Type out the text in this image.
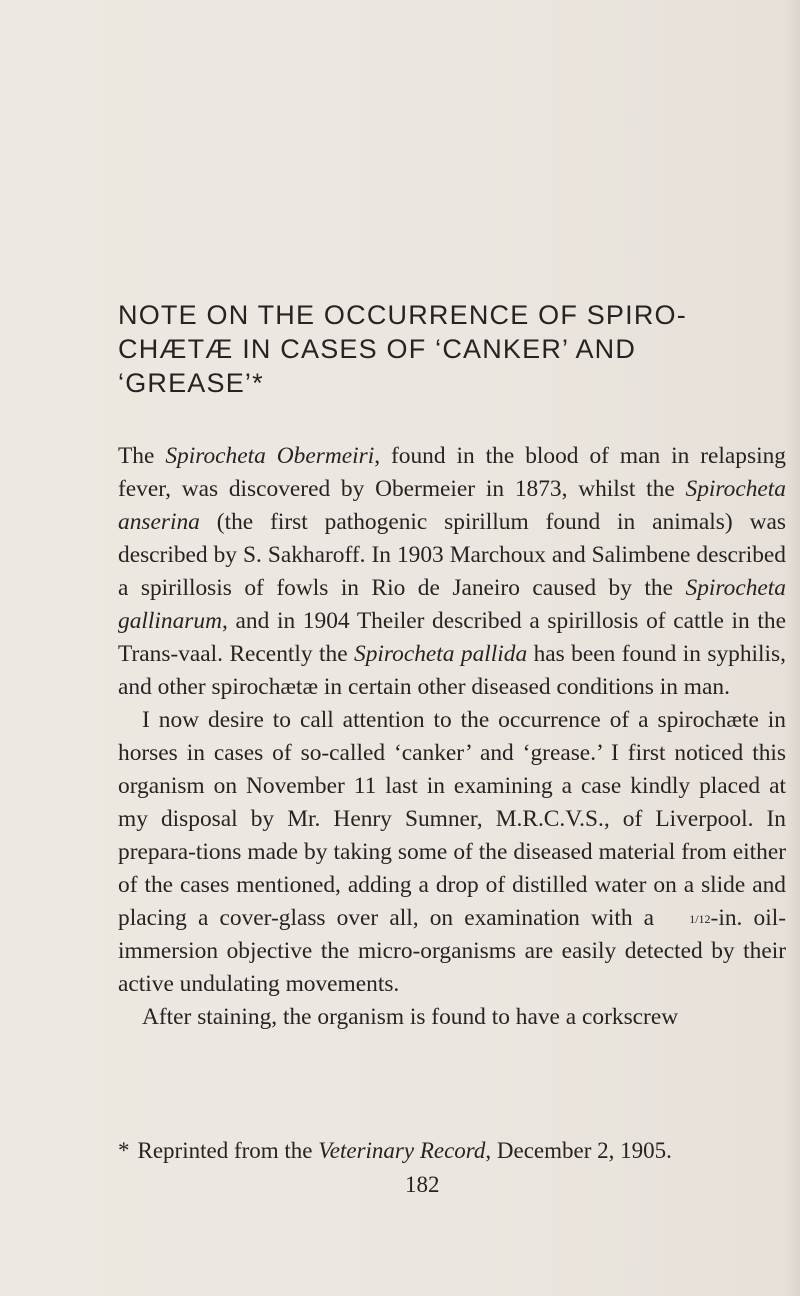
NOTE ON THE OCCURRENCE OF SPIRO-
CHÆTÆ IN CASES OF ‘CANKER’ AND
‘GREASE’*

The Spirocheta Obermeiri, found in the blood of man in relapsing fever, was discovered by Obermeier in 1873, whilst the Spirocheta anserina (the first pathogenic spirillum found in animals) was described by S. Sakharoff. In 1903 Marchoux and Salimbene described a spirillosis of fowls in Rio de Janeiro caused by the Spirocheta gallinarum, and in 1904 Theiler described a spirillosis of cattle in the Trans-vaal. Recently the Spirocheta pallida has been found in syphilis, and other spirochætæ in certain other diseased conditions in man.

I now desire to call attention to the occurrence of a spirochæte in horses in cases of so-called ‘canker’ and ‘grease.’ I first noticed this organism on November 11 last in examining a case kindly placed at my disposal by Mr. Henry Sumner, M.R.C.V.S., of Liverpool. In prepara-tions made by taking some of the diseased material from either of the cases mentioned, adding a drop of distilled water on a slide and placing a cover-glass over all, on examination with a 1/12-in. oil-immersion objective the micro-organisms are easily detected by their active undulating movements.

After staining, the organism is found to have a corkscrew

* Reprinted from the Veterinary Record, December 2, 1905.
182
